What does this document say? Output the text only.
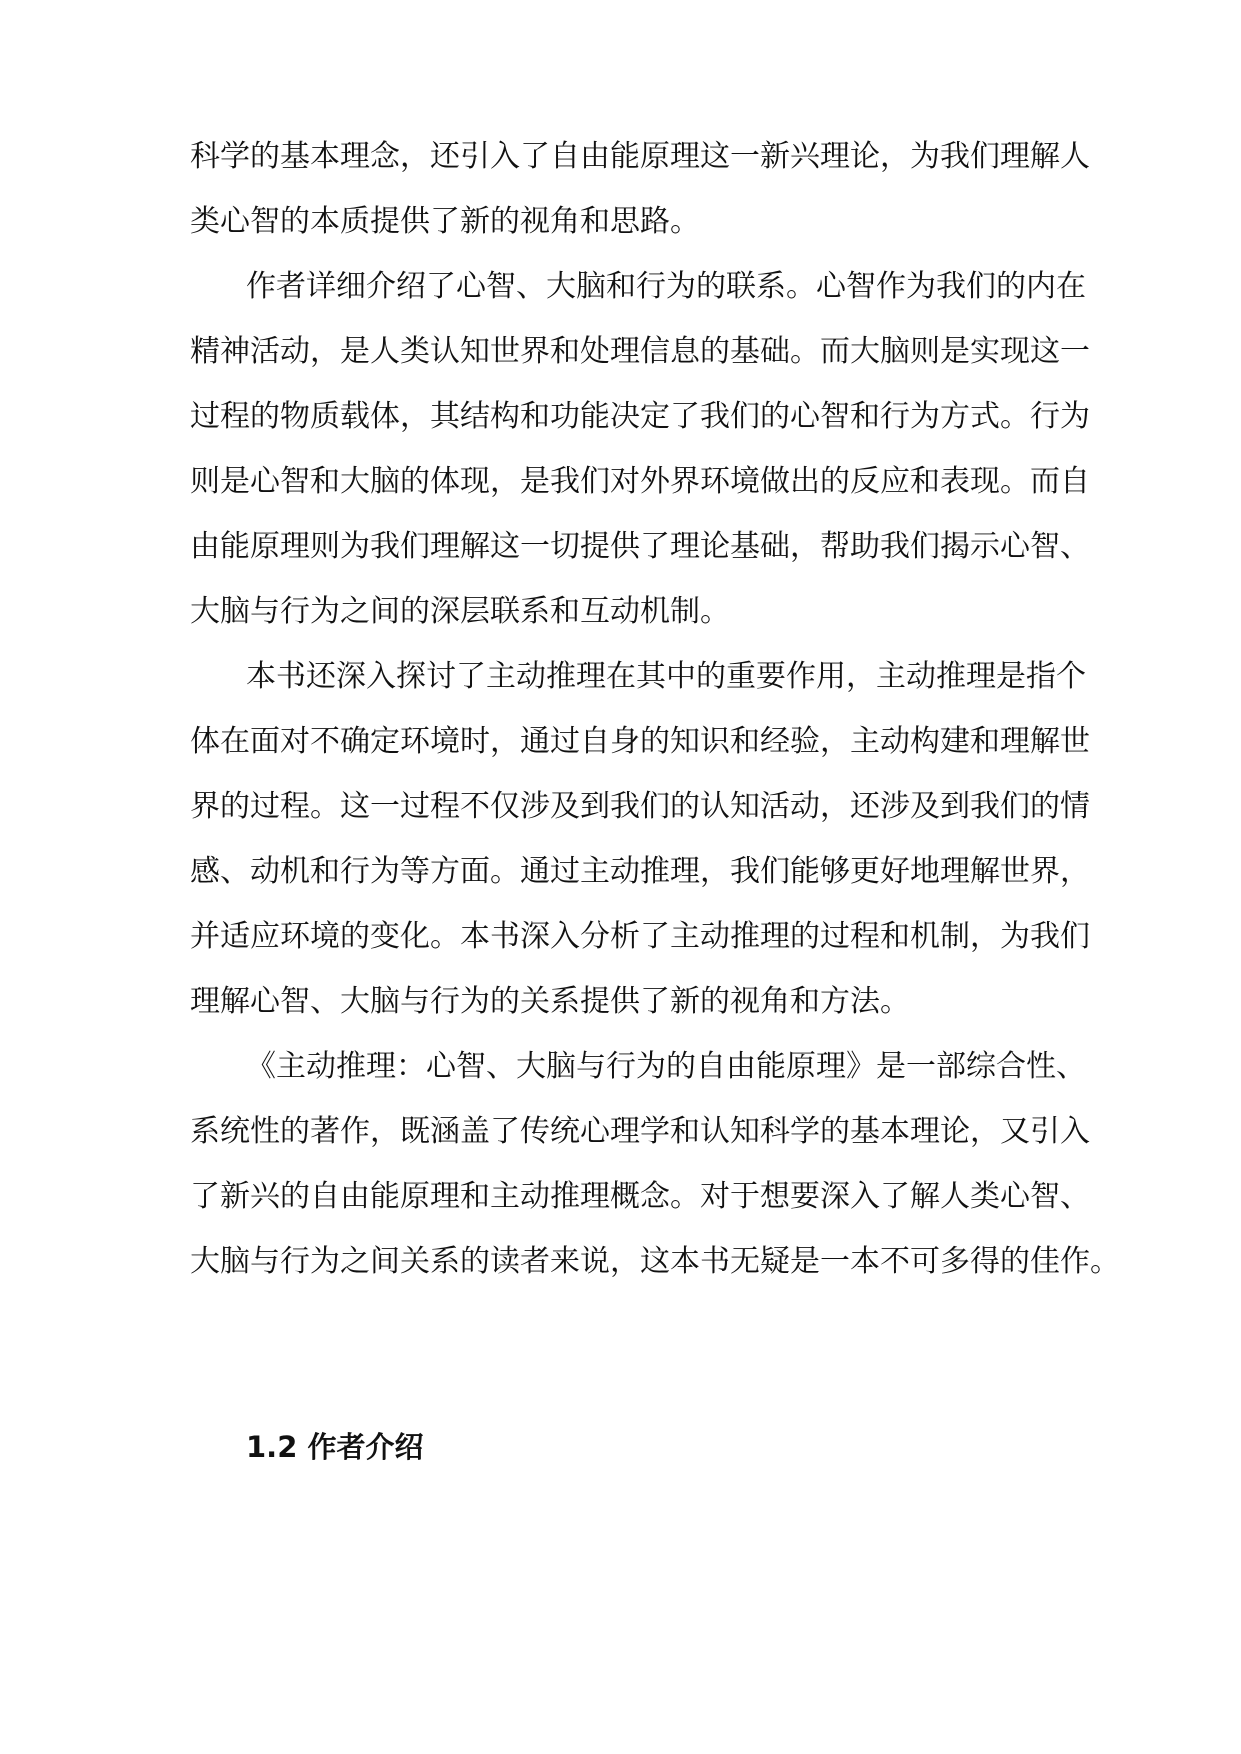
科学的基本理念，还引入了自由能原理这一新兴理论，为我们理解人
类心智的本质提供了新的视角和思路。
作者详细介绍了心智、大脑和行为的联系。心智作为我们的内在
精神活动，是人类认知世界和处理信息的基础。而大脑则是实现这一
过程的物质载体，其结构和功能决定了我们的心智和行为方式。行为
则是心智和大脑的体现，是我们对外界环境做出的反应和表现。而自
由能原理则为我们理解这一切提供了理论基础，帮助我们揭示心智、
大脑与行为之间的深层联系和互动机制。
本书还深入探讨了主动推理在其中的重要作用，主动推理是指个
体在面对不确定环境时，通过自身的知识和经验，主动构建和理解世
界的过程。这一过程不仅涉及到我们的认知活动，还涉及到我们的情
感、动机和行为等方面。通过主动推理，我们能够更好地理解世界，
并适应环境的变化。本书深入分析了主动推理的过程和机制，为我们
理解心智、大脑与行为的关系提供了新的视角和方法。
《主动推理：心智、大脑与行为的自由能原理》是一部综合性、
系统性的著作，既涵盖了传统心理学和认知科学的基本理论，又引入
了新兴的自由能原理和主动推理概念。对于想要深入了解人类心智、
大脑与行为之间关系的读者来说，这本书无疑是一本不可多得的佳作。
1.2 作者介绍
